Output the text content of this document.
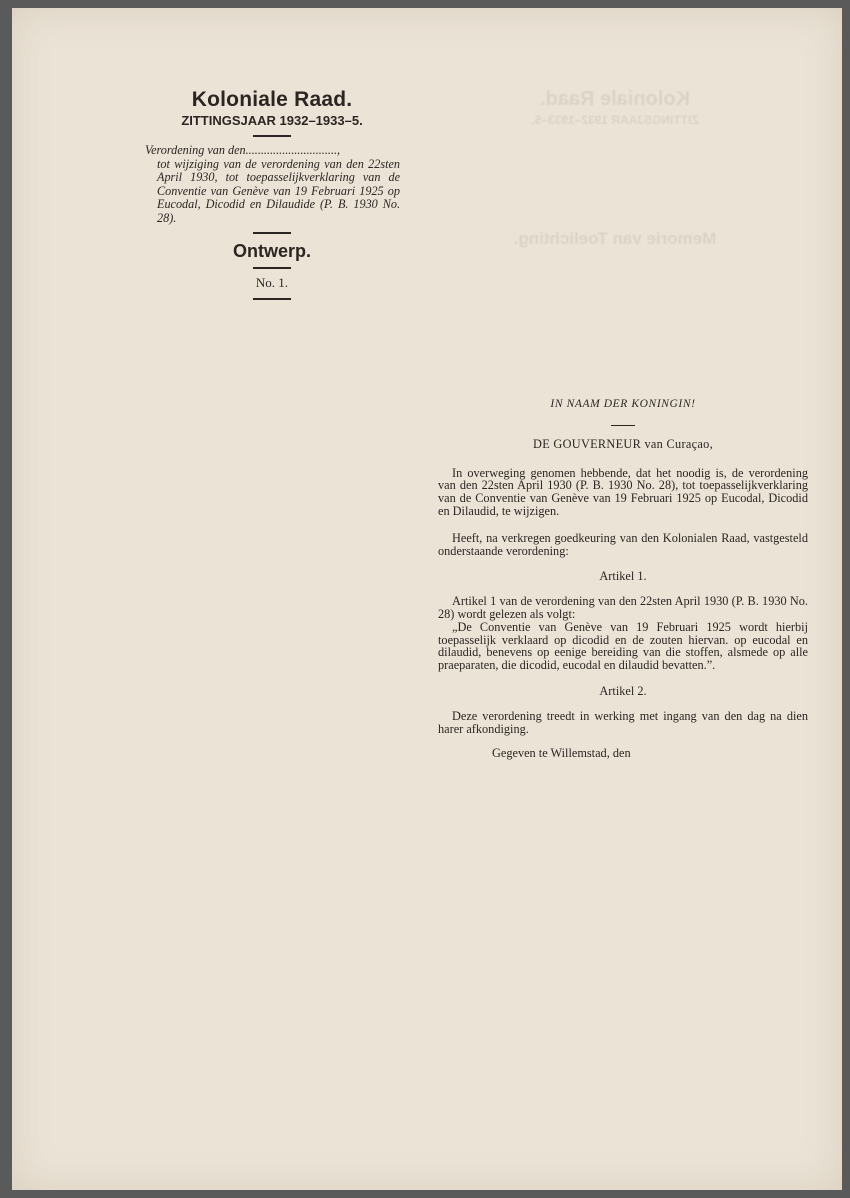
Koloniale Raad.
ZITTINGSJAAR 1932–1933–5.
Memorie van Toelichting.
Koloniale Raad.
ZITTINGSJAAR 1932–1933–5.

Verordening van den..............................,
tot wijziging van de verordening van den 22sten April 1930, tot toepasselijkverklaring van de Conventie van Genève van 19 Februari 1925 op Eucodal, Dicodid en Dilaudide (P. B. 1930 No. 28).

Ontwerp.
No. 1.
IN NAAM DER KONINGIN!
DE GOUVERNEUR van Curaçao,

In overweging genomen hebbende, dat het noodig is, de verordening van den 22sten April 1930 (P. B. 1930 No. 28), tot toepasselijkverklaring van de Conventie van Genève van 19 Februari 1925 op Eucodal, Dicodid en Dilaudid, te wijzigen.

Heeft, na verkregen goedkeuring van den Kolonialen Raad, vastgesteld onderstaande verordening:

Artikel 1.

Artikel 1 van de verordening van den 22sten April 1930 (P. B. 1930 No. 28) wordt gelezen als volgt:

„De Conventie van Genève van 19 Februari 1925 wordt hierbij toepasselijk verklaard op dicodid en de zouten hiervan. op eucodal en dilaudid, benevens op eenige bereiding van die stoffen, alsmede op alle praeparaten, die dicodid, eucodal en dilaudid bevatten.”.

Artikel 2.

Deze verordening treedt in werking met ingang van den dag na dien harer afkondiging.

Gegeven te Willemstad, den
